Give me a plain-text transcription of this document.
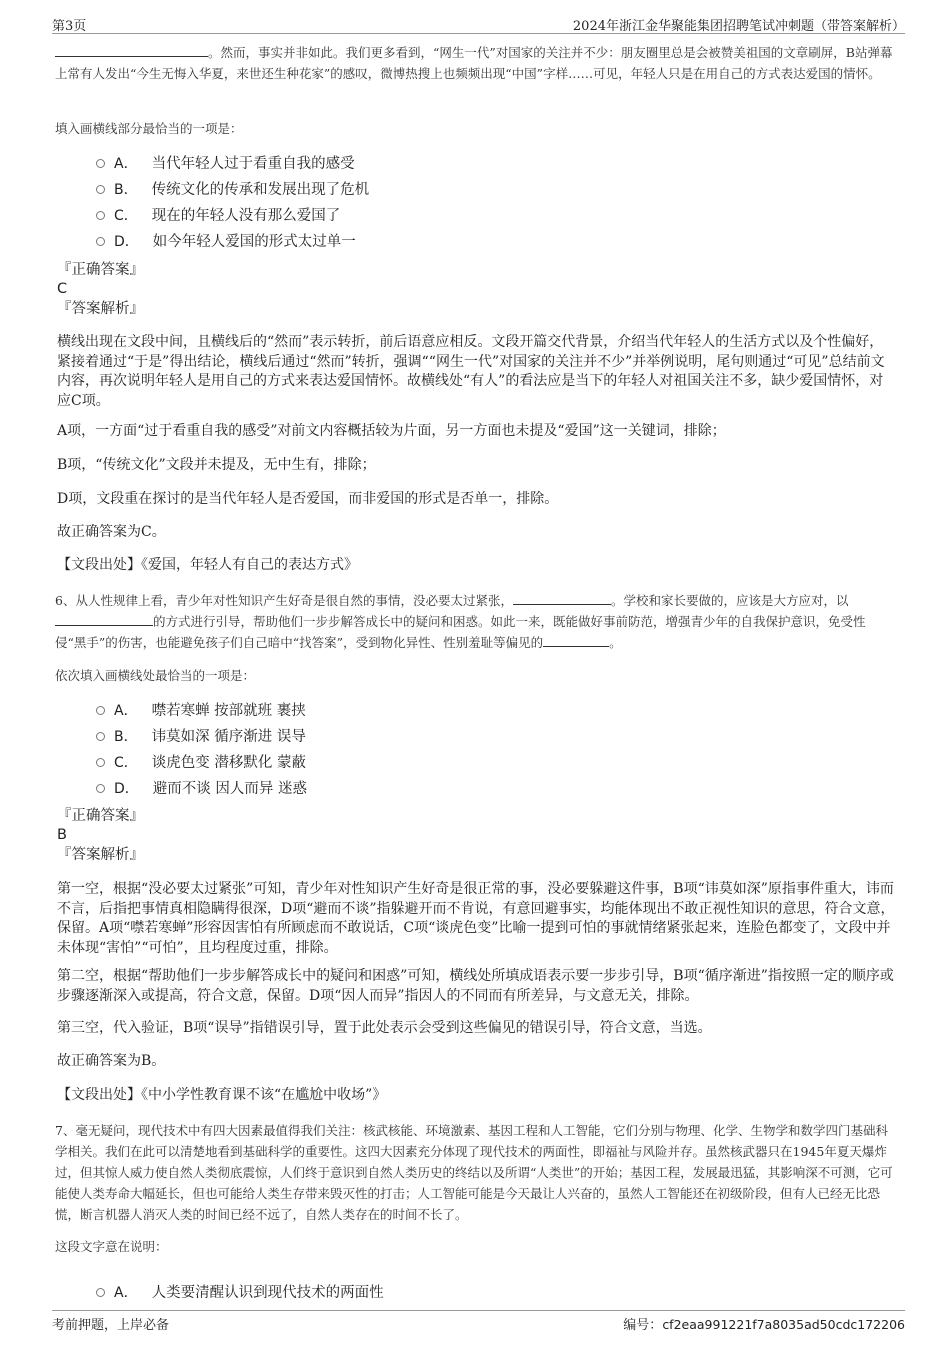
第3页	2024年浙江金华聚能集团招聘笔试冲刺题（带答案解析）
。然而，事实并非如此。我们更多看到，“网生一代”对国家的关注并不少：朋友圈里总是会被赞美祖国的文章刷屏，B站弹幕上常有人发出“今生无悔入华夏，来世还生种花家”的感叹，微博热搜上也频频出现“中国”字样……可见，年轻人只是在用自己的方式表达爱国的情怀。
填入画横线部分最恰当的一项是：
A． 当代年轻人过于看重自我的感受
B． 传统文化的传承和发展出现了危机
C． 现在的年轻人没有那么爱国了
D． 如今年轻人爱国的形式太过单一
『正确答案』
C
『答案解析』
横线出现在文段中间，且横线后的“然而”表示转折，前后语意应相反。文段开篇交代背景，介绍当代年轻人的生活方式以及个性偏好，紧接着通过“于是”得出结论，横线后通过“然而”转折，强调““网生一代”对国家的关注并不少”并举例说明，尾句则通过“可见”总结前文内容，再次说明年轻人是用自己的方式来表达爱国情怀。故横线处“有人”的看法应是当下的年轻人对祖国关注不多，缺少爱国情怀，对应C项。
A项，一方面“过于看重自我的感受”对前文内容概括较为片面，另一方面也未提及“爱国”这一关键词，排除；
B项，“传统文化”文段并未提及，无中生有，排除；
D项，文段重在探讨的是当代年轻人是否爱国，而非爱国的形式是否单一，排除。
故正确答案为C。
【文段出处】《爱国，年轻人有自己的表达方式》
6、从人性规律上看，青少年对性知识产生好奇是很自然的事情，没必要太过紧张，	。学校和家长要做的，应该是大方应对，以的方式进行引导，帮助他们一步步解答成长中的疑问和困惑。如此一来，既能做好事前防范，增强青少年的自我保护意识，免受性侵“黑手”的伤害，也能避免孩子们自己暗中“找答案”，受到物化异性、性别羞耻等偏见的	。
依次填入画横线处最恰当的一项是：
A． 噤若寒蝉 按部就班 裹挟
B． 讳莫如深 循序渐进 误导
C． 谈虎色变 潜移默化 蒙蔽
D． 避而不谈 因人而异 迷惑
『正确答案』
B
『答案解析』
第一空，根据“没必要太过紧张”可知，青少年对性知识产生好奇是很正常的事，没必要躲避这件事，B项“讳莫如深”原指事件重大，讳而不言，后指把事情真相隐瞒得很深，D项“避而不谈”指躲避开而不肯说，有意回避事实，均能体现出不敢正视性知识的意思，符合文意，保留。A项“噤若寒蝉”形容因害怕有所顾虑而不敢说话，C项“谈虎色变”比喻一提到可怕的事就情绪紧张起来，连脸色都变了，文段中并未体现“害怕”“可怕”，且均程度过重，排除。
第二空，根据“帮助他们一步步解答成长中的疑问和困惑”可知，横线处所填成语表示要一步步引导，B项“循序渐进”指按照一定的顺序或步骤逐渐深入或提高，符合文意，保留。D项“因人而异”指因人的不同而有所差异，与文意无关，排除。
第三空，代入验证，B项“误导”指错误引导，置于此处表示会受到这些偏见的错误引导，符合文意，当选。
故正确答案为B。
【文段出处】《中小学性教育课不该“在尴尬中收场”》
7、毫无疑问，现代技术中有四大因素最值得我们关注：核武核能、环境激素、基因工程和人工智能，它们分别与物理、化学、生物学和数学四门基础科学相关。我们在此可以清楚地看到基础科学的重要性。这四大因素充分体现了现代技术的两面性，即福祉与风险并存。虽然核武器只在1945年夏天爆炸过，但其惊人威力使自然人类彻底震惊，人们终于意识到自然人类历史的终结以及所谓“人类世”的开始；基因工程，发展最迅猛，其影响深不可测，它可能使人类寿命大幅延长，但也可能给人类生存带来毁灭性的打击；人工智能可能是今天最让人兴奋的，虽然人工智能还在初级阶段，但有人已经无比恐慌，断言机器人消灭人类的时间已经不远了，自然人类存在的时间不长了。
这段文字意在说明：
A． 人类要清醒认识到现代技术的两面性
考前押题，上岸必备	编号：cf2eaa991221f7a8035ad50cdc172206
